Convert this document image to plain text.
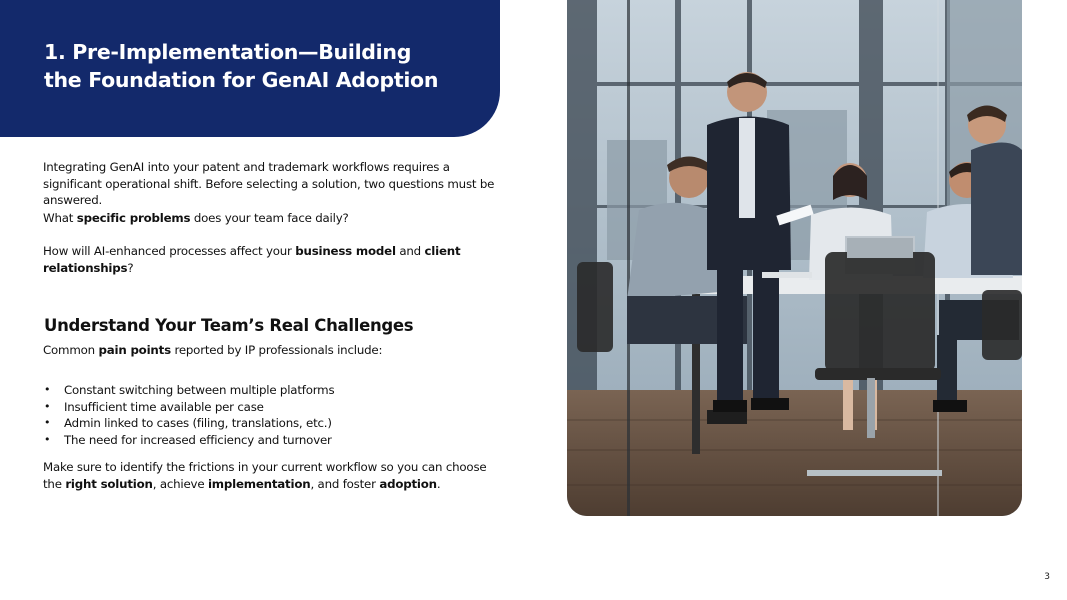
1. Pre-Implementation—Building
the Foundation for GenAI Adoption

Integrating GenAI into your patent and trademark workflows requires a significant operational shift. Before selecting a solution, two questions must be answered.

What specific problems does your team face daily?

How will AI-enhanced processes affect your business model and client relationships?

Understand Your Team’s Real Challenges

Common pain points reported by IP professionals include:

• Constant switching between multiple platforms
• Insufficient time available per case
• Admin linked to cases (filing, translations, etc.)
• The need for increased efficiency and turnover

Make sure to identify the frictions in your current workflow so you can choose the right solution, achieve implementation, and foster adoption.

3
